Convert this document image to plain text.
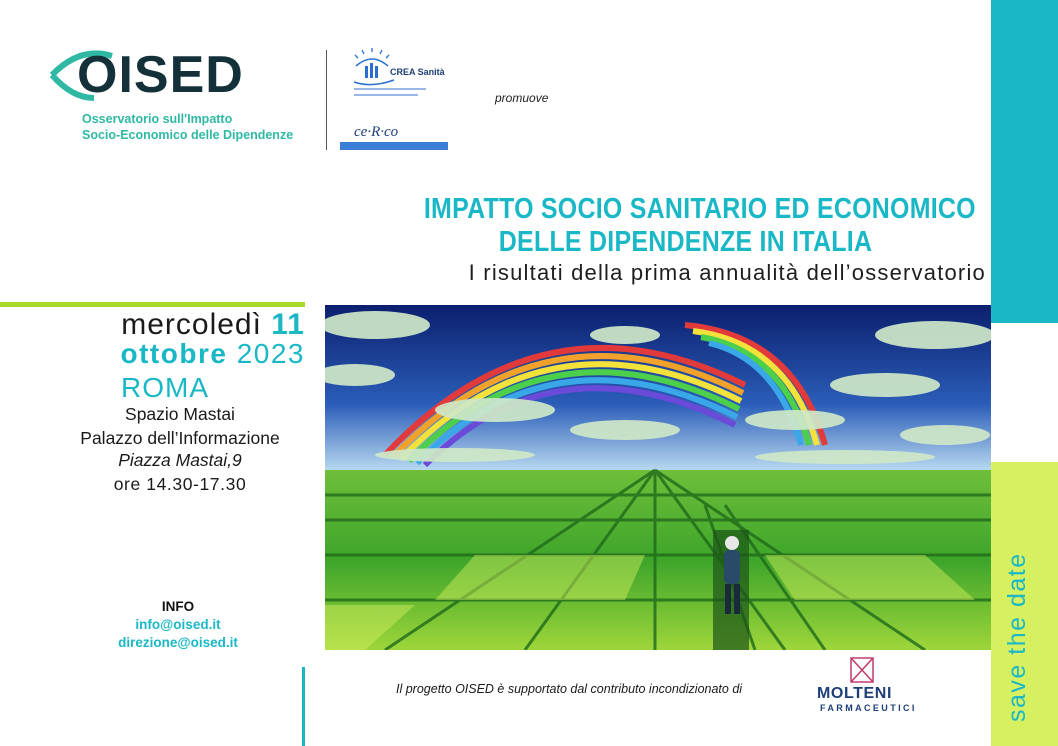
OISED
Osservatorio sull'Impatto
Socio-Economico delle Dipendenze
CREA Sanità
ce·R·co
promuove
IMPATTO SOCIO SANITARIO ED ECONOMICO
DELLE DIPENDENZE IN ITALIA
I risultati della prima annualità dell’osservatorio
mercoledì 11
ottobre 2023
ROMA
Spazio Mastai
Palazzo dell’Informazione
Piazza Mastai,9
ore 14.30-17.30
INFO
info@oised.it
direzione@oised.it	save the date
Il progetto OISED è supportato dal contributo incondizionato di	MOLTENI
FARMACEUTICI
